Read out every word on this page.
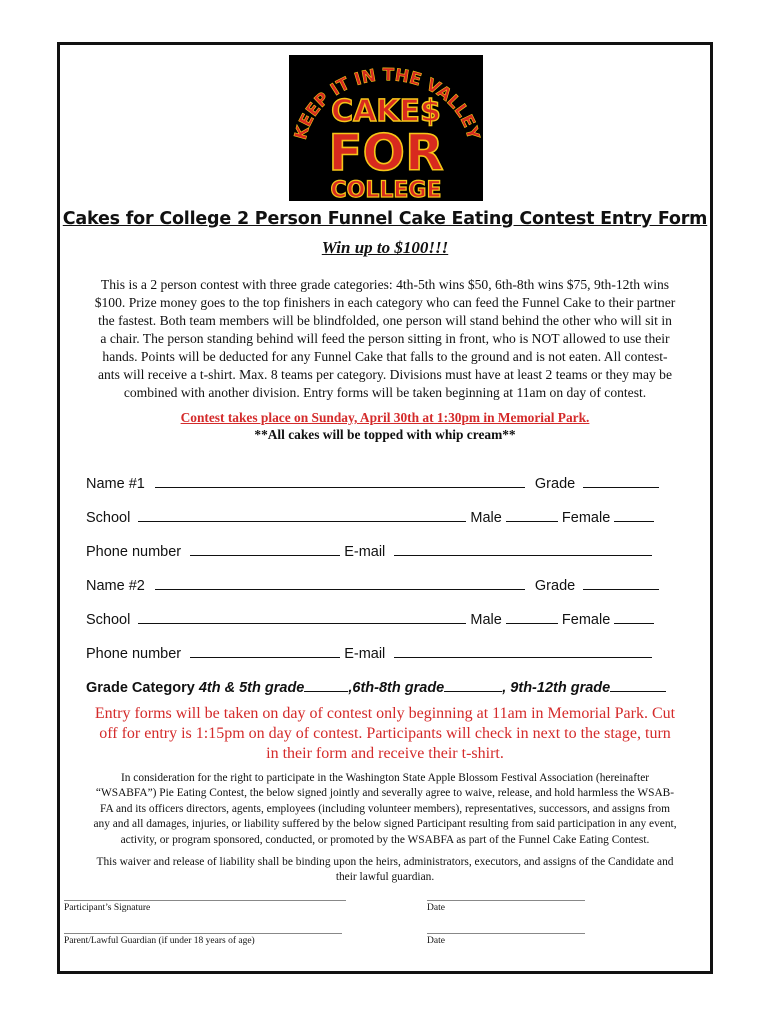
KEEP IT IN THE VALLEY
CAKE$
FOR
COLLEGE
Cakes for College 2 Person Funnel Cake Eating Contest Entry Form
Win up to $100!!!
This is a 2 person contest with three grade categories: 4th-5th wins $50, 6th-8th wins $75, 9th-12th wins
$100. Prize money goes to the top finishers in each category who can feed the Funnel Cake to their partner
the fastest. Both team members will be blindfolded, one person will stand behind the other who will sit in
a chair. The person standing behind will feed the person sitting in front, who is NOT allowed to use their
hands. Points will be deducted for any Funnel Cake that falls to the ground and is not eaten. All contest-
ants will receive a t-shirt. Max. 8 teams per category. Divisions must have at least 2 teams or they may be
combined with another division. Entry forms will be taken beginning at 11am on day of contest.
Contest takes place on Sunday, April 30th at 1:30pm in Memorial Park.
**All cakes will be topped with whip cream**
Name #1	Grade
School	Male	Female
Phone number	E-mail
Name #2	Grade
School	Male	Female
Phone number	E-mail
Grade Category 4th & 5th grade	,6th-8th grade	, 9th-12th grade
Entry forms will be taken on day of contest only beginning at 11am in Memorial Park. Cut
off for entry is 1:15pm on day of contest. Participants will check in next to the stage, turn
in their form and receive their t-shirt.
In consideration for the right to participate in the Washington State Apple Blossom Festival Association (hereinafter
“WSABFA”) Pie Eating Contest, the below signed jointly and severally agree to waive, release, and hold harmless the WSAB-
FA and its officers directors, agents, employees (including volunteer members), representatives, successors, and assigns from
any and all damages, injuries, or liability suffered by the below signed Participant resulting from said participation in any event,
activity, or program sponsored, conducted, or promoted by the WSABFA as part of the Funnel Cake Eating Contest.
This waiver and release of liability shall be binding upon the heirs, administrators, executors, and assigns of the Candidate and
their lawful guardian.
Participant’s Signature	Date
Parent/Lawful Guardian (if under 18 years of age)	Date
